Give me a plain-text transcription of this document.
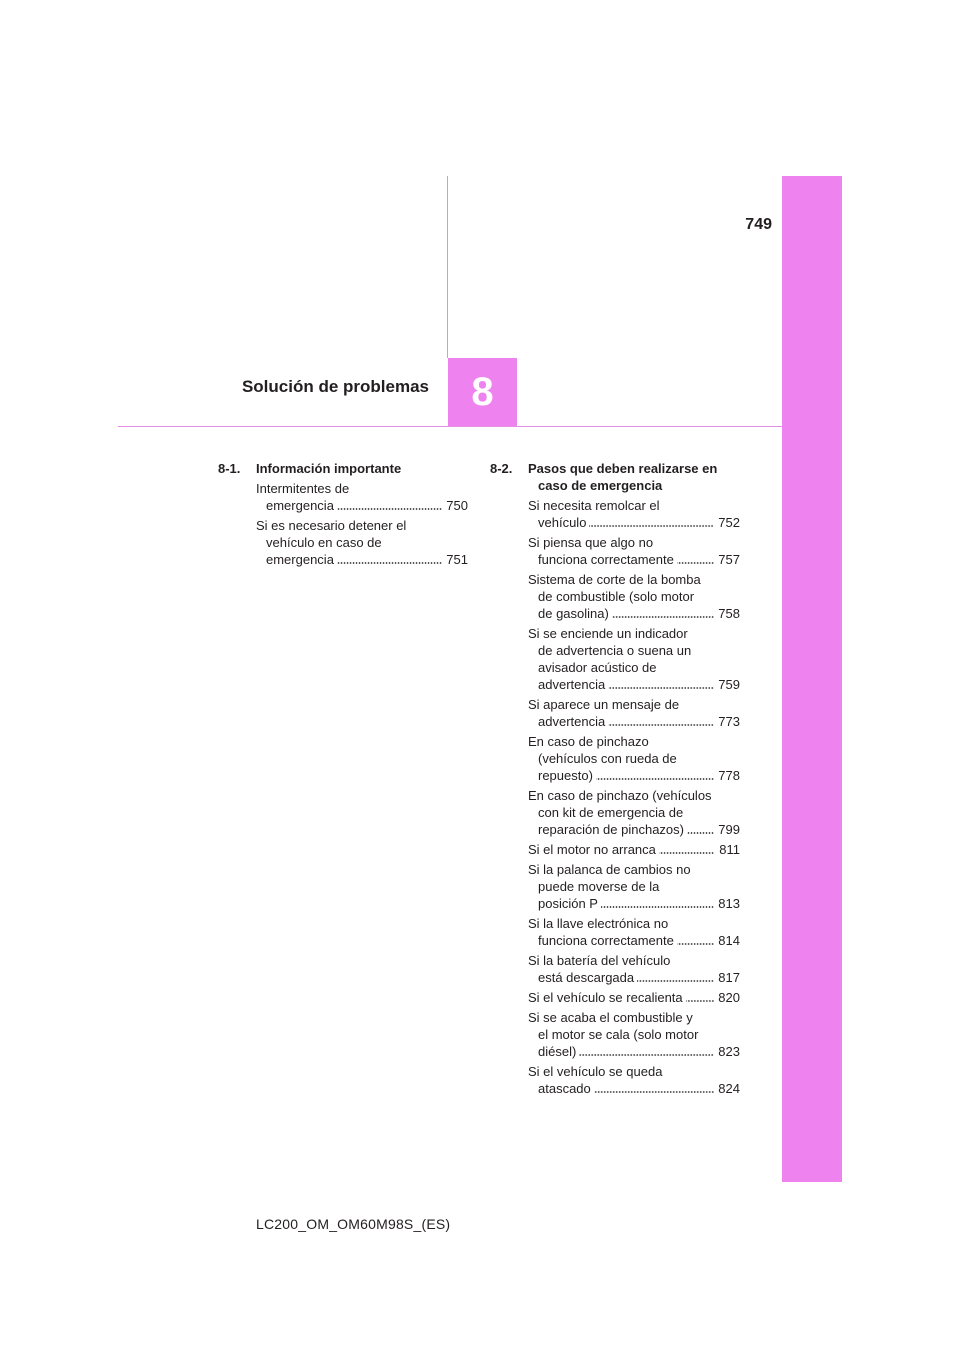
749
8
Solución de problemas
8-1.	Información importante
Intermitentes de
emergencia	750
Si es necesario detener el
vehículo en caso de
emergencia	751
8-2.	Pasos que deben realizarse en caso de emergencia
Si necesita remolcar el
vehículo	752
Si piensa que algo no
funciona correctamente	757
Sistema de corte de la bomba
de combustible (solo motor
de gasolina)	758
Si se enciende un indicador
de advertencia o suena un
avisador acústico de
advertencia	759
Si aparece un mensaje de
advertencia	773
En caso de pinchazo
(vehículos con rueda de
repuesto)	778
En caso de pinchazo (vehículos
con kit de emergencia de
reparación de pinchazos)	799
Si el motor no arranca	811
Si la palanca de cambios no
puede moverse de la
posición P	813
Si la llave electrónica no
funciona correctamente	814
Si la batería del vehículo
está descargada	817
Si el vehículo se recalienta	820
Si se acaba el combustible y
el motor se cala (solo motor
diésel)	823
Si el vehículo se queda
atascado	824
LC200_OM_OM60M98S_(ES)
